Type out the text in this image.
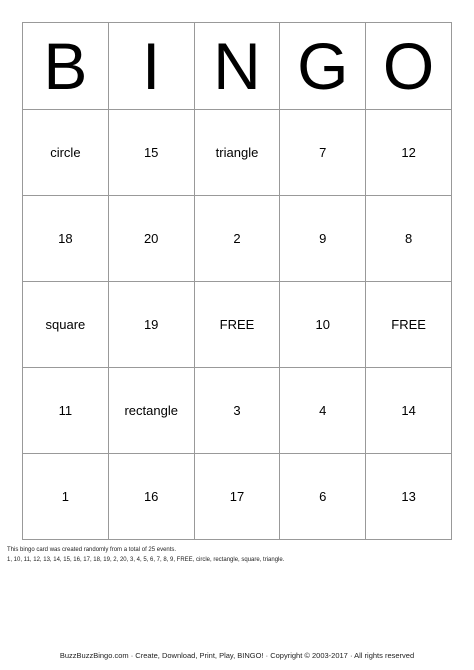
B	I	N	G	O
circle	15	triangle	7	12
18	20	2	9	8
square	19	FREE	10	FREE
11	rectangle	3	4	14
1	16	17	6	13
This bingo card was created randomly from a total of 25 events.
1, 10, 11, 12, 13, 14, 15, 16, 17, 18, 19, 2, 20, 3, 4, 5, 6, 7, 8, 9, FREE, circle, rectangle, square, triangle.
BuzzBuzzBingo.com · Create, Download, Print, Play, BINGO! · Copyright © 2003-2017 · All rights reserved
